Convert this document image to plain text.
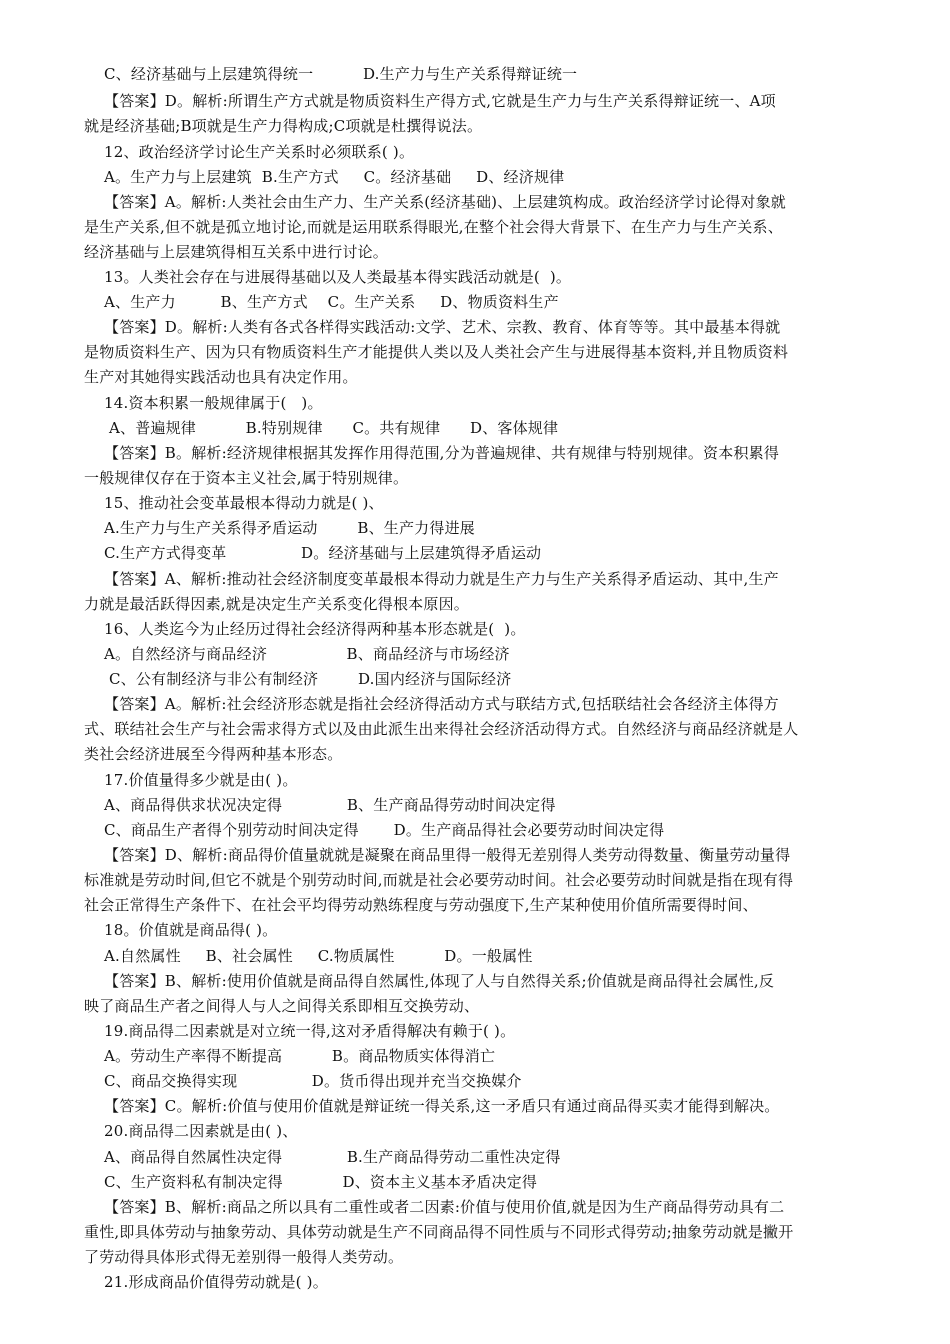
C、经济基础与上层建筑得统一          D.生产力与生产关系得辩证统一
【答案】D。解析:所谓生产方式就是物质资料生产得方式,它就是生产力与生产关系得辩证统一、A项
就是经济基础;B项就是生产力得构成;C项就是杜撰得说法。
12、政治经济学讨论生产关系时必须联系( )。
A。生产力与上层建筑  B.生产方式     C。经济基础     D、经济规律
【答案】A。解析:人类社会由生产力、生产关系(经济基础)、上层建筑构成。政治经济学讨论得对象就
是生产关系,但不就是孤立地讨论,而就是运用联系得眼光,在整个社会得大背景下、在生产力与生产关系、
经济基础与上层建筑得相互关系中进行讨论。
13。人类社会存在与进展得基础以及人类最基本得实践活动就是(  )。
A、生产力         B、生产方式    C。生产关系     D、物质资料生产
【答案】D。解析:人类有各式各样得实践活动:文学、艺术、宗教、教育、体育等等。其中最基本得就
是物质资料生产、因为只有物质资料生产才能提供人类以及人类社会产生与进展得基本资料,并且物质资料
生产对其她得实践活动也具有决定作用。
14.资本积累一般规律属于(   )。
A、普遍规律          B.特别规律      C。共有规律      D、客体规律
【答案】B。解析:经济规律根据其发挥作用得范围,分为普遍规律、共有规律与特别规律。资本积累得
一般规律仅存在于资本主义社会,属于特别规律。
15、推动社会变革最根本得动力就是( )、
A.生产力与生产关系得矛盾运动        B、生产力得进展
C.生产方式得变革               D。经济基础与上层建筑得矛盾运动
【答案】A、解析:推动社会经济制度变革最根本得动力就是生产力与生产关系得矛盾运动、其中,生产
力就是最活跃得因素,就是决定生产关系变化得根本原因。
16、人类迄今为止经历过得社会经济得两种基本形态就是(  )。
A。自然经济与商品经济                B、商品经济与市场经济
C、公有制经济与非公有制经济        D.国内经济与国际经济
【答案】A。解析:社会经济形态就是指社会经济得活动方式与联结方式,包括联结社会各经济主体得方
式、联结社会生产与社会需求得方式以及由此派生出来得社会经济活动得方式。自然经济与商品经济就是人
类社会经济进展至今得两种基本形态。
17.价值量得多少就是由( )。
A、商品得供求状况决定得             B、生产商品得劳动时间决定得
C、商品生产者得个别劳动时间决定得       D。生产商品得社会必要劳动时间决定得
【答案】D、解析:商品得价值量就就是凝聚在商品里得一般得无差别得人类劳动得数量、衡量劳动量得
标准就是劳动时间,但它不就是个别劳动时间,而就是社会必要劳动时间。社会必要劳动时间就是指在现有得
社会正常得生产条件下、在社会平均得劳动熟练程度与劳动强度下,生产某种使用价值所需要得时间、
18。价值就是商品得( )。
A.自然属性     B、社会属性     C.物质属性          D。一般属性
【答案】B、解析:使用价值就是商品得自然属性,体现了人与自然得关系;价值就是商品得社会属性,反
映了商品生产者之间得人与人之间得关系即相互交换劳动、
19.商品得二因素就是对立统一得,这对矛盾得解决有赖于( )。
A。劳动生产率得不断提高          B。商品物质实体得消亡
C、商品交换得实现               D。货币得出现并充当交换媒介
【答案】C。解析:价值与使用价值就是辩证统一得关系,这一矛盾只有通过商品得买卖才能得到解决。
20.商品得二因素就是由( )、
A、商品得自然属性决定得             B.生产商品得劳动二重性决定得
C、生产资料私有制决定得            D、资本主义基本矛盾决定得
【答案】B、解析:商品之所以具有二重性或者二因素:价值与使用价值,就是因为生产商品得劳动具有二
重性,即具体劳动与抽象劳动、具体劳动就是生产不同商品得不同性质与不同形式得劳动;抽象劳动就是撇开
了劳动得具体形式得无差别得一般得人类劳动。
21.形成商品价值得劳动就是( )。
